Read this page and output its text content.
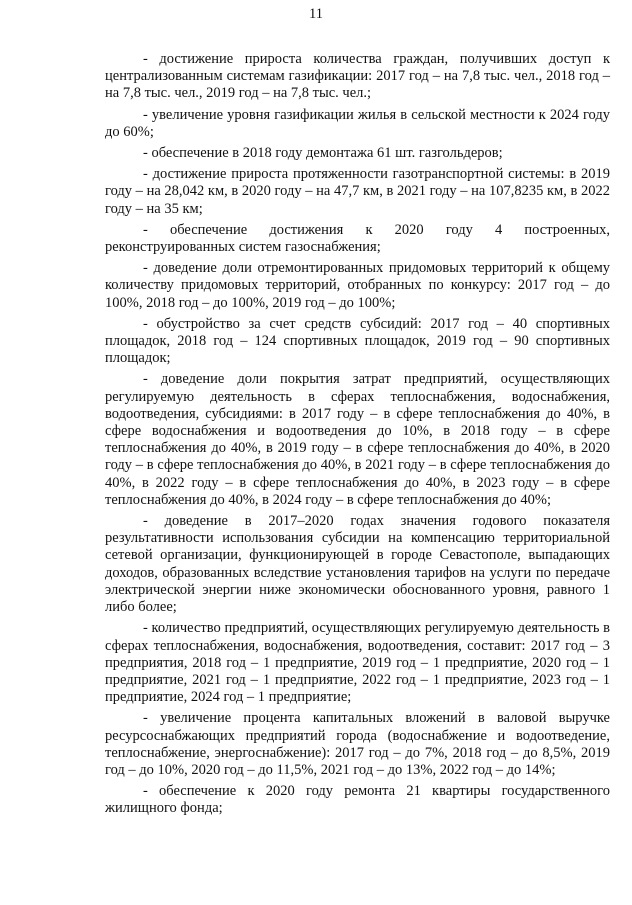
11

- достижение прироста количества граждан, получивших доступ к централизованным системам газификации: 2017 год – на 7,8 тыс. чел., 2018 год – на 7,8 тыс. чел., 2019 год – на 7,8 тыс. чел.;

- увеличение уровня газификации жилья в сельской местности к 2024 году до 60%;

- обеспечение в 2018 году демонтажа 61 шт. газгольдеров;

- достижение прироста протяженности газотранспортной системы: в 2019 году – на 28,042 км, в 2020 году – на 47,7 км, в 2021 году – на 107,8235 км, в 2022 году – на 35 км;

- обеспечение достижения к 2020 году 4 построенных, реконструированных систем газоснабжения;

- доведение доли отремонтированных придомовых территорий к общему количеству придомовых территорий, отобранных по конкурсу: 2017 год – до 100%, 2018 год – до 100%, 2019 год – до 100%;

- обустройство за счет средств субсидий: 2017 год – 40 спортивных площадок, 2018 год – 124 спортивных площадок, 2019 год – 90 спортивных площадок;

- доведение доли покрытия затрат предприятий, осуществляющих регулируемую деятельность в сферах теплоснабжения, водоснабжения, водоотведения, субсидиями: в 2017 году – в сфере теплоснабжения до 40%, в сфере водоснабжения и водоотведения до 10%, в 2018 году – в сфере теплоснабжения до 40%, в 2019 году – в сфере теплоснабжения до 40%, в 2020 году – в сфере теплоснабжения до 40%, в 2021 году – в сфере теплоснабжения до 40%, в 2022 году – в сфере теплоснабжения до 40%, в 2023 году – в сфере теплоснабжения до 40%, в 2024 году – в сфере теплоснабжения до 40%;

- доведение в 2017–2020 годах значения годового показателя результативности использования субсидии на компенсацию территориальной сетевой организации, функционирующей в городе Севастополе, выпадающих доходов, образованных вследствие установления тарифов на услуги по передаче электрической энергии ниже экономически обоснованного уровня, равного 1 либо более;

- количество предприятий, осуществляющих регулируемую деятельность в сферах теплоснабжения, водоснабжения, водоотведения, составит: 2017 год – 3 предприятия, 2018 год – 1 предприятие, 2019 год – 1 предприятие, 2020 год – 1 предприятие, 2021 год – 1 предприятие, 2022 год – 1 предприятие, 2023 год – 1 предприятие, 2024 год – 1 предприятие;

- увеличение процента капитальных вложений в валовой выручке ресурсоснабжающих предприятий города (водоснабжение и водоотведение, теплоснабжение, энергоснабжение): 2017 год – до 7%, 2018 год – до 8,5%, 2019 год – до 10%, 2020 год – до 11,5%, 2021 год – до 13%, 2022 год – до 14%;

- обеспечение к 2020 году ремонта 21 квартиры государственного жилищного фонда;
